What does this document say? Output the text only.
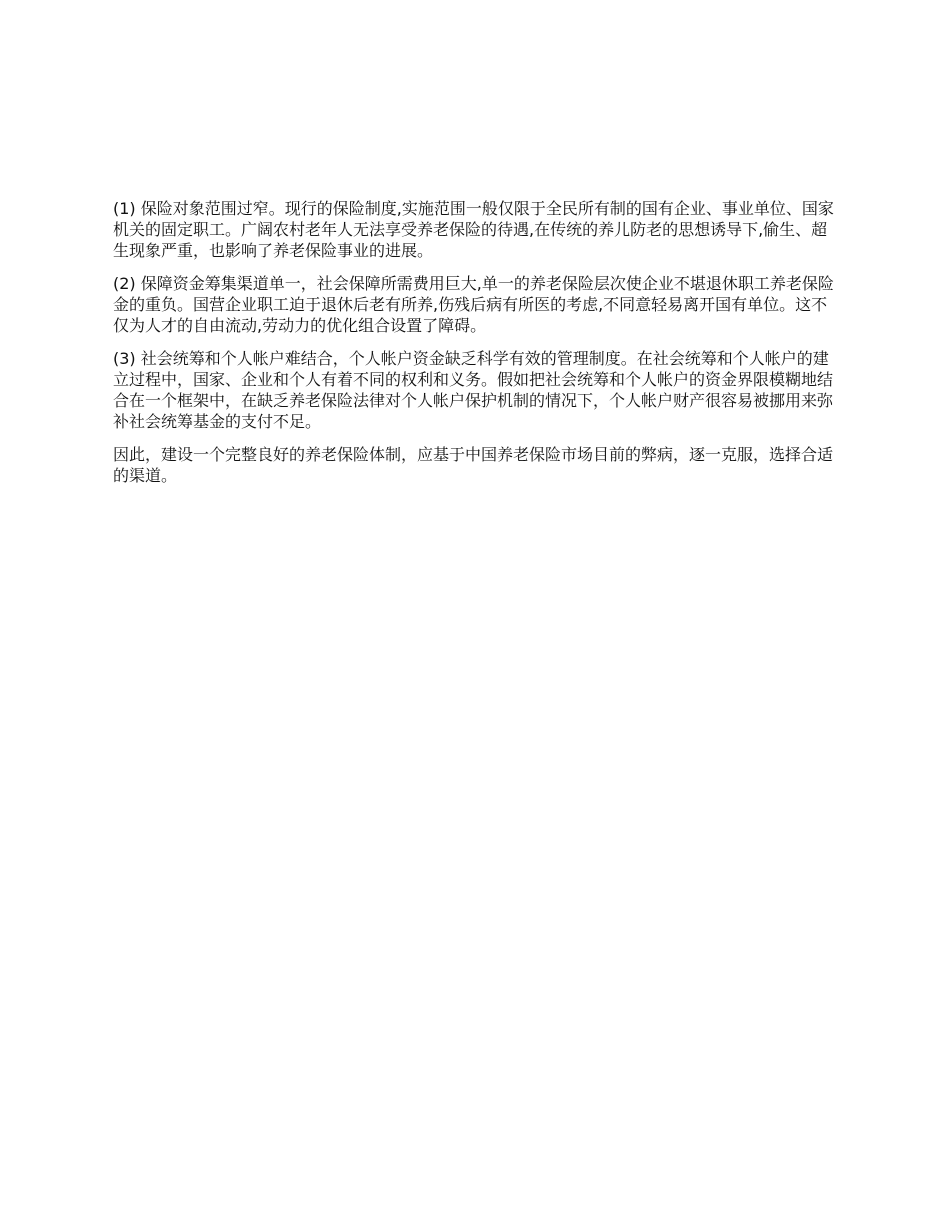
(1) 保险对象范围过窄。现行的保险制度,实施范围一般仅限于全民所有制的国有企业、事业单位、国家机关的固定职工。广阔农村老年人无法享受养老保险的待遇,在传统的养儿防老的思想诱导下,偷生、超生现象严重，也影响了养老保险事业的进展。

(2) 保障资金筹集渠道单一，社会保障所需费用巨大,单一的养老保险层次使企业不堪退休职工养老保险金的重负。国营企业职工迫于退休后老有所养,伤残后病有所医的考虑,不同意轻易离开国有单位。这不仅为人才的自由流动,劳动力的优化组合设置了障碍。

(3) 社会统筹和个人帐户难结合，个人帐户资金缺乏科学有效的管理制度。在社会统筹和个人帐户的建立过程中，国家、企业和个人有着不同的权利和义务。假如把社会统筹和个人帐户的资金界限模糊地结合在一个框架中，在缺乏养老保险法律对个人帐户保护机制的情况下，个人帐户财产很容易被挪用来弥补社会统筹基金的支付不足。

因此，建设一个完整良好的养老保险体制，应基于中国养老保险市场目前的弊病，逐一克服，选择合适的渠道。
